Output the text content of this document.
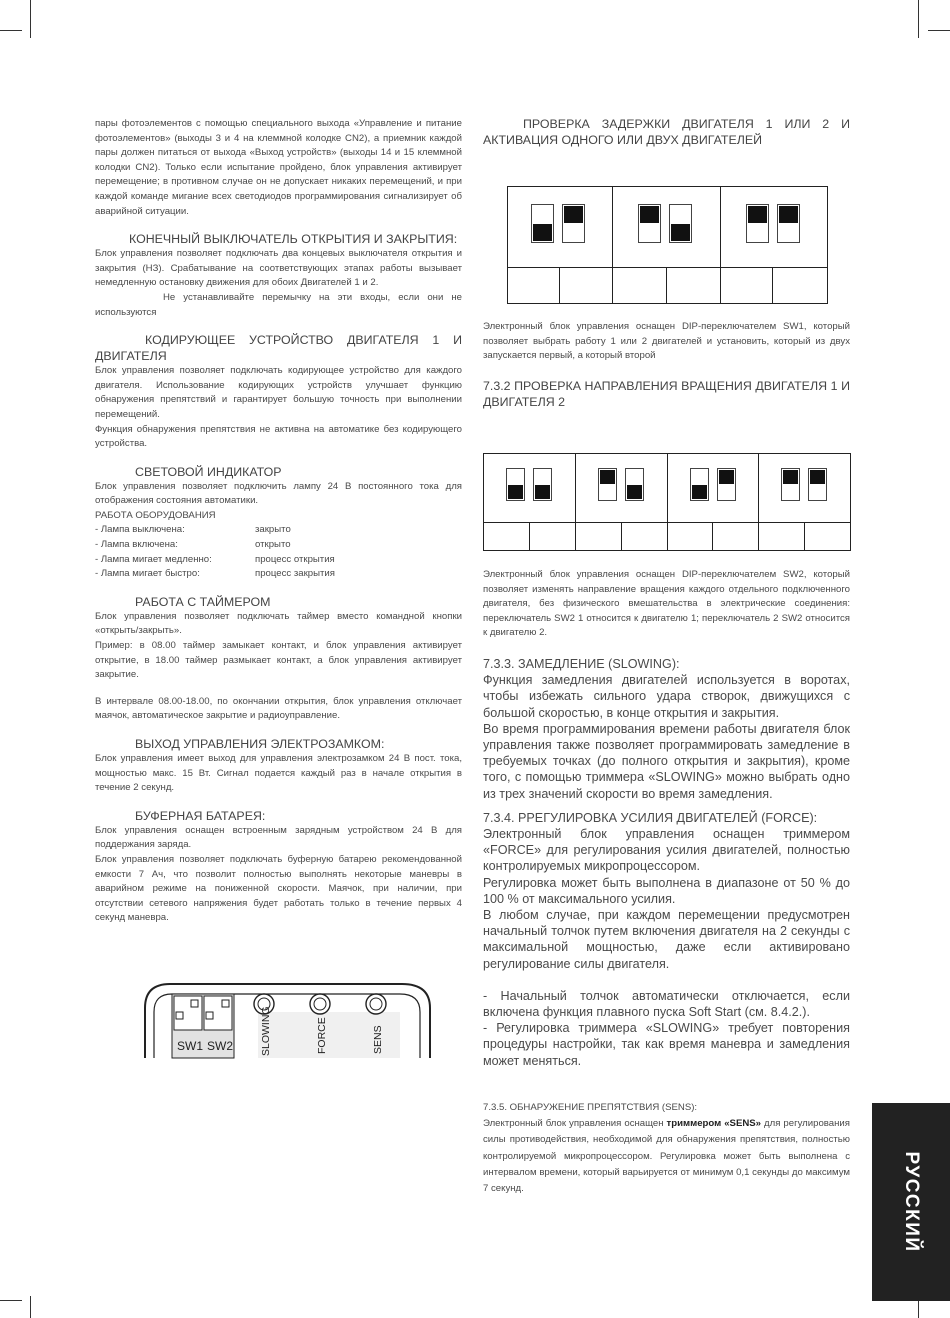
пары фотоэлементов с помощью специального выхода «Управление и питание фотоэлементов» (выходы 3 и 4 на клеммной колодке CN2), а приемник каждой пары должен питаться от выхода «Выход устройств» (выходы 14 и 15 клеммной колодки CN2). Только если испытание пройдено, блок управления активирует перемещение; в противном случае он не допускает никаких перемещений, и при каждой команде мигание всех светодиодов программирования сигнализирует об аварийной ситуации.

КОНЕЧНЫЙ ВЫКЛЮЧАТЕЛЬ ОТКРЫТИЯ И ЗАКРЫТИЯ:

Блок управления позволяет подключать два концевых выключателя открытия и закрытия (НЗ). Срабатывание на соответствующих этапах работы вызывает немедленную остановку движения для обоих Двигателей 1 и 2.

Не устанавливайте перемычку на эти входы, если они не используются

КОДИРУЮЩЕЕ УСТРОЙСТВО ДВИГАТЕЛЯ 1 И ДВИГАТЕЛЯ

Блок управления позволяет подключать кодирующее устройство для каждого двигателя. Использование кодирующих устройств улучшает функцию обнаружения препятствий и гарантирует большую точность при выполнении перемещений.

Функция обнаружения препятствия не активна на автоматике без кодирующего устройства.

СВЕТОВОЙ ИНДИКАТОР

Блок управления позволяет подключить лампу 24 В постоянного тока для отображения состояния автоматики.

РАБОТА ОБОРУДОВАНИЯ

- Лампа выключена:	закрыто
- Лампа включена:	открыто
- Лампа мигает медленно:	процесс открытия
- Лампа мигает быстро:	процесс закрытия

РАБОТА С ТАЙМЕРОМ

Блок управления позволяет подключать таймер вместо командной кнопки «открыть/закрыть».

Пример: в 08.00 таймер замыкает контакт, и блок управления активирует открытие, в 18.00 таймер размыкает контакт, а блок управления активирует закрытие.

В интервале 08.00-18.00, по окончании открытия, блок управления отключает маячок, автоматическое закрытие и радиоуправление.

ВЫХОД УПРАВЛЕНИЯ ЭЛЕКТРОЗАМКОМ:

Блок управления имеет выход для управления электрозамком 24 В пост. тока, мощностью макс. 15 Вт. Сигнал подается каждый раз в начале открытия в течение 2 секунд.

БУФЕРНАЯ БАТАРЕЯ:

Блок управления оснащен встроенным зарядным устройством 24 В для поддержания заряда.

Блок управления позволяет подключать буферную батарею рекомендованной емкости 7 Ач, что позволит полностью выполнять некоторые маневры в аварийном режиме на пониженной скорости. Маячок, при наличии, при отсутствии сетевого напряжения будет работать только в течение первых 4 секунд маневра.

SW1 SW2	SLOWING	FORCE	SENS

ПРОВЕРКА ЗАДЕРЖКИ ДВИГАТЕЛЯ 1 ИЛИ 2 И АКТИВАЦИЯ ОДНОГО ИЛИ ДВУХ ДВИГАТЕЛЕЙ

Электронный блок управления оснащен DIP-переключателем SW1, который позволяет выбрать работу 1 или 2 двигателей и установить, который из двух запускается первый, а который второй

7.3.2 ПРОВЕРКА НАПРАВЛЕНИЯ ВРАЩЕНИЯ ДВИГАТЕЛЯ 1 И ДВИГАТЕЛЯ 2

Электронный блок управления оснащен DIP-переключателем SW2, который позволяет изменять направление вращения каждого отдельного подключенного двигателя, без физического вмешательства в электрические соединения: переключатель SW2 1 относится к двигателю 1; переключатель 2 SW2 относится к двигателю 2.

7.3.3. ЗАМЕДЛЕНИЕ (SLOWING):

Функция замедления двигателей используется в воротах, чтобы избежать сильного удара створок, движущихся с большой скоростью, в конце открытия и закрытия.

Во время программирования времени работы двигателя блок управления также позволяет программировать замедление в требуемых точках (до полного открытия и закрытия), кроме того, с помощью триммера «SLOWING» можно выбрать одно из трех значений скорости во время замедления.

7.3.4. РРЕГУЛИРОВКА УСИЛИЯ ДВИГАТЕЛЕЙ (FORCE):

Электронный блок управления оснащен триммером «FORCE» для регулирования усилия двигателей, полностью контролируемых микропроцессором.

Регулировка может быть выполнена в диапазоне от 50 % до 100 % от максимального усилия.

В любом случае, при каждом перемещении предусмотрен начальный толчок путем включения двигателя на 2 секунды с максимальной мощностью, даже если активировано регулирование силы двигателя.

- Начальный толчок автоматически отключается, если включена функция плавного пуска Soft Start (см. 8.4.2.).

- Регулировка триммера «SLOWING» требует повторения процедуры настройки, так как время маневра и замедления может меняться.

7.3.5. ОБНАРУЖЕНИЕ ПРЕПЯТСТВИЯ (SENS):

Электронный блок управления оснащен триммером «SENS» для регулирования силы противодействия, необходимой для обнаружения препятствия, полностью контролируемой микропроцессором. Регулировка может быть выполнена с интервалом времени, который варьируется от минимум 0,1 секунды до максимум 7 секунд.	РУССКИЙ
